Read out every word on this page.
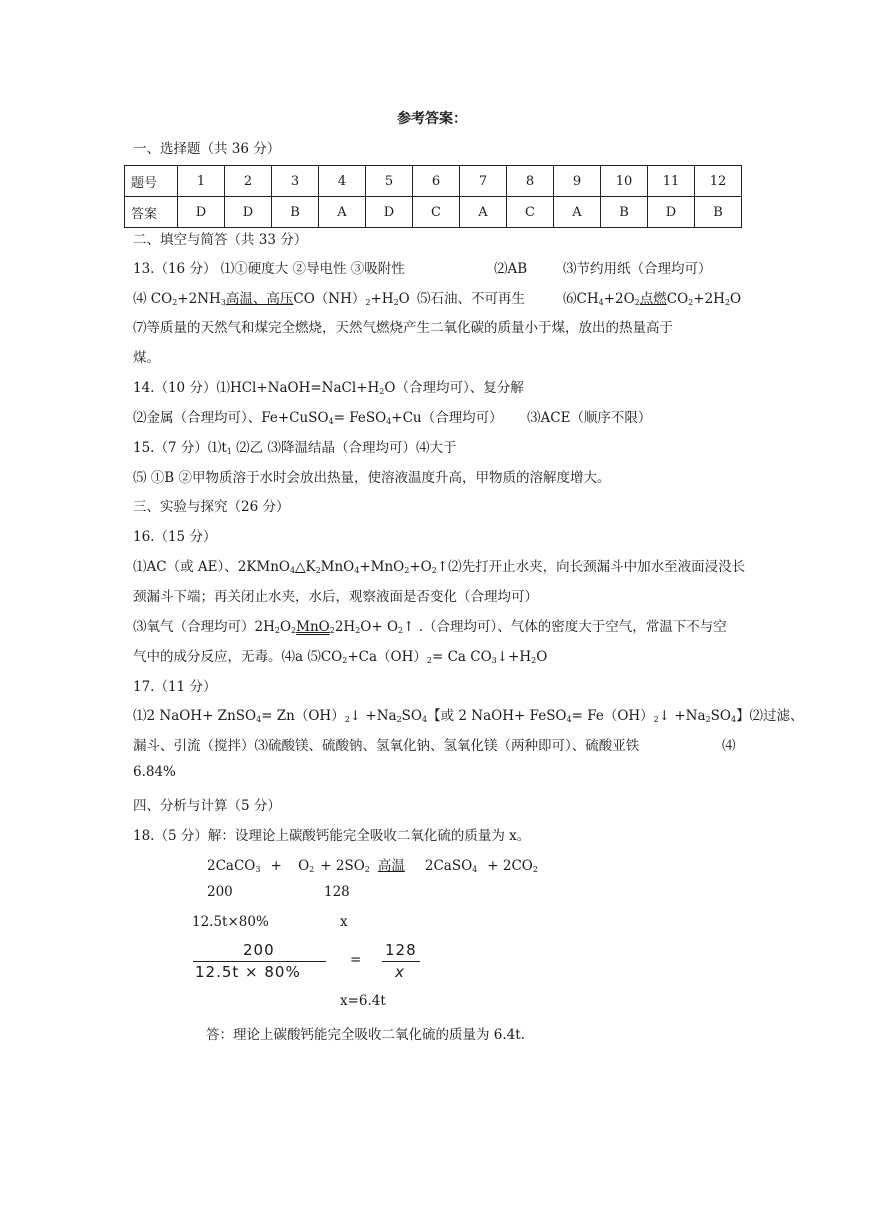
参考答案：
一、选择题（共 36 分）
题号	1	2	3	4	5	6	7	8	9	10	11	12
答案	D	D	B	A	D	C	A	C	A	B	D	B
二、填空与简答（共 33 分）
13.（16 分） ⑴①硬度大 ②导电性 ③吸附性	⑵AB	⑶节约用纸（合理均可）
⑷ $CO_2+2NH_3$高温、高压$CO(NH)_2+H_2O$ ⑸石油、不可再生	$⑹CH_4+2O_2$点燃$CO_2+2H_2O$
⑺等质量的天然气和煤完全燃烧，天然气燃烧产生二氧化碳的质量小于煤，放出的热量高于
煤。
14.（10 分）$⑴HCl+NaOH=NaCl+H_2O$（合理均可）、复分解
⑵金属（合理均可）、Fe+CuSO$_4$= FeSO$_4$+Cu（合理均可） ⑶ACE（顺序不限）
15.（7 分）$⑴t_1$ ⑵乙 ⑶降温结晶（合理均可）⑷大于
⑸ ①B ②甲物质溶于水时会放出热量，使溶液温度升高，甲物质的溶解度增大。
三、实验与探究（26 分）
16.（15 分）
⑴AC（或 AE）、$2KMnO_4\triangle K_2MnO_4+MnO_2+O_2↑⑵$先打开止水夹，向长颈漏斗中加水至液面浸没长
颈漏斗下端；再关闭止水夹，水后，观察液面是否变化（合理均可）
⑶氧气（合理均可）$2H_2O_2MnO_22H_2O+$ $O_2↑$ .（合理均可）、气体的密度大于空气，常温下不与空
气中的成分反应，无毒。⑷a $⑸CO_2+Ca(OH)_2= Ca$ $CO_3↓+H_2O$
17.（11 分）
⑴2 NaOH+ ZnSO$_4$= $Zn(OH)_2↓ +Na_2SO_4$【或 2 NaOH+ FeSO$_4$= $Fe(OH)_2↓ +Na_2SO_4$】⑵过滤、
漏斗、引流（搅拌）⑶硫酸镁、硫酸钠、氢氧化钠、氢氧化镁（两种即可）、硫酸亚铁	⑷
6.84%
四、分析与计算（5 分）
18.（5 分）解：设理论上碳酸钙能完全吸收二氧化硫的质量为 x。
2CaCO$_3$ + $O_2 + 2SO_2$ 高温 2CaSO$_4$ + $2CO_2$
200	128
12.5t×80%	x
200
12.5t × 80%
=
128
x
x=6.4t
答：理论上碳酸钙能完全吸收二氧化硫的质量为 6.4t.
